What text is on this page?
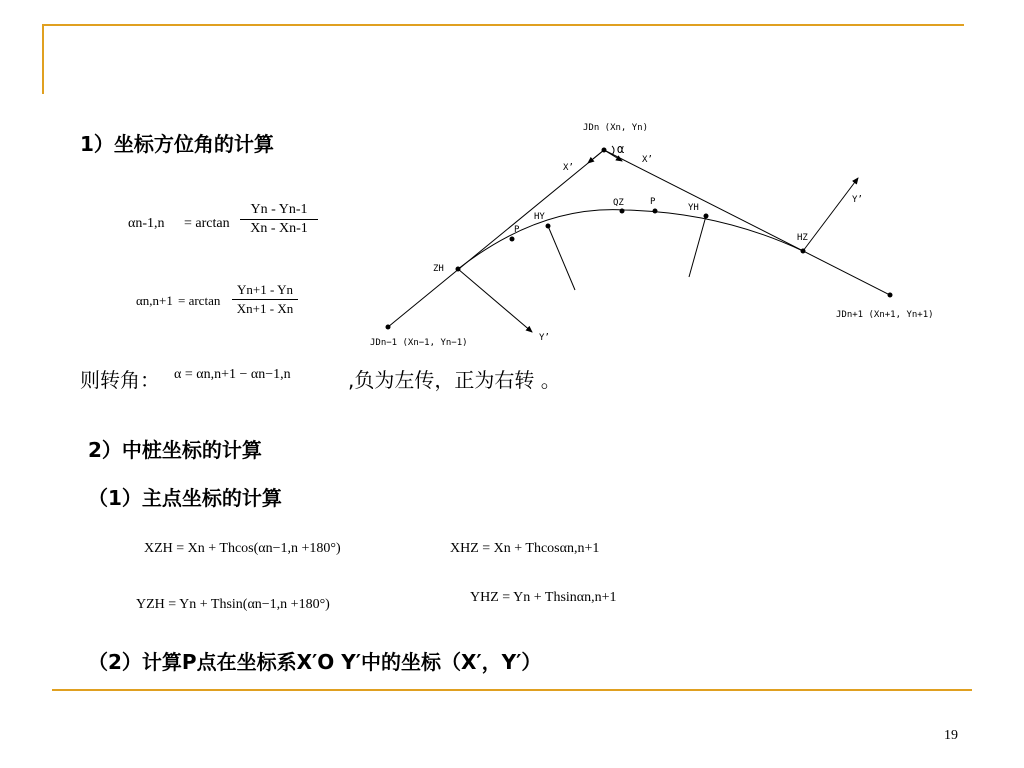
1）坐标方位角的计算
αn-1,n = arctan
Yn - Yn-1
Xn - Xn-1
αn,n+1 = arctan
Yn+1 - Yn
Xn+1 - Xn
则转角： α = αn,n+1 − αn−1,n	,负为左传，正为右转 。
2）中桩坐标的计算
（1）主点坐标的计算
XZH = Xn + Thcos(αn−1,n +180°)	XHZ = Xn + Thcosαn,n+1
YZH = Yn + Thsin(αn−1,n +180°)	YHZ = Yn + Thsinαn,n+1
（2）计算P点在坐标系X′O Y′中的坐标（X′，Y′）
19
JDn (Xn, Yn)
α
X’
X’
Y’
Y’
QZ	P
YH
HY
P
HZ
ZH
JDn−1 (Xn−1, Yn−1)
JDn+1 (Xn+1, Yn+1)
